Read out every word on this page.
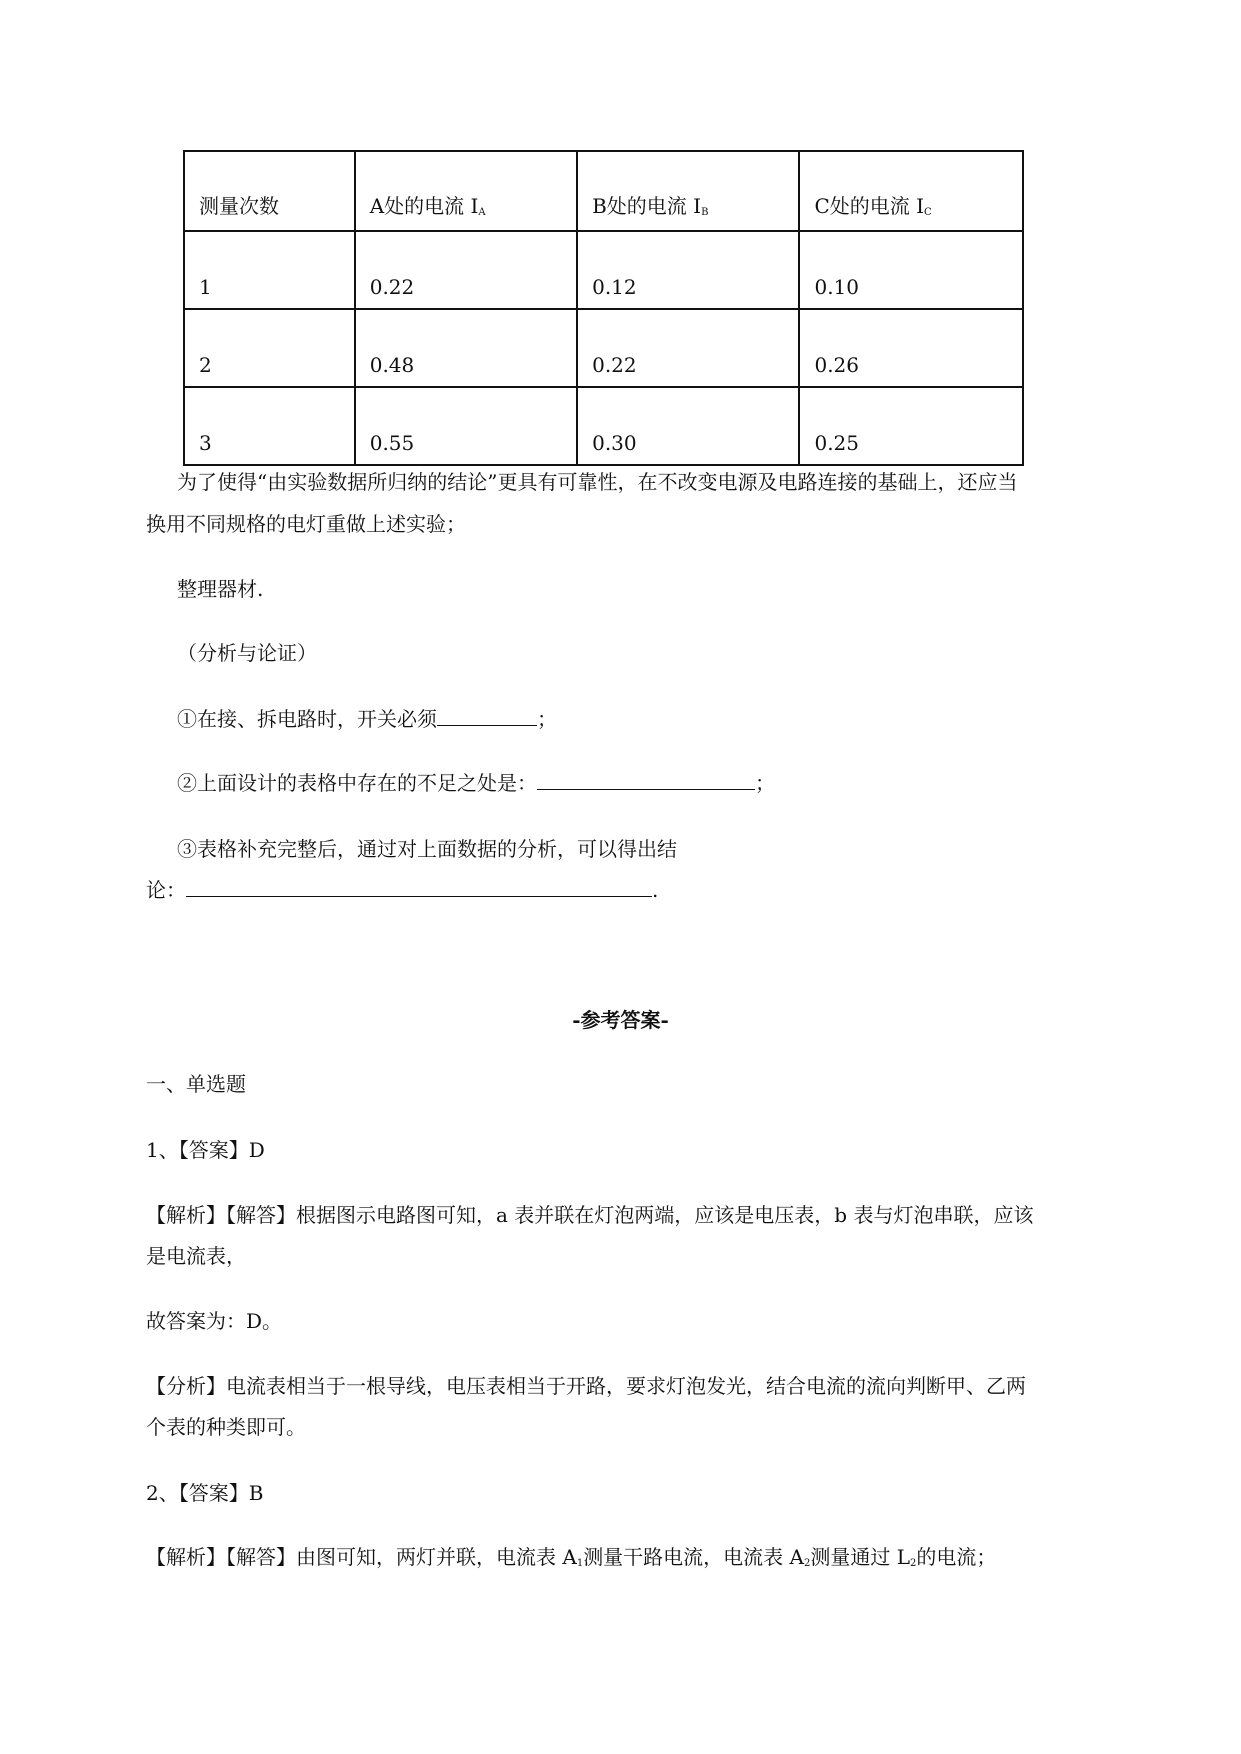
测量次数	A处的电流 $I_A$	B处的电流 $I_B$	C处的电流 $I_C$
1	0.22	0.12	0.10
2	0.48	0.22	0.26
3	0.55	0.30	0.25
为了使得“由实验数据所归纳的结论”更具有可靠性，在不改变电源及电路连接的基础上，还应当
换用不同规格的电灯重做上述实验；
整理器材.
（分析与论证）
①在接、拆电路时，开关必须	；
②上面设计的表格中存在的不足之处是：	；
③表格补充完整后，通过对上面数据的分析，可以得出结
论：	.
-参考答案-
一、单选题
1、【答案】D
【解析】【解答】根据图示电路图可知，a 表并联在灯泡两端，应该是电压表，b 表与灯泡串联，应该
是电流表，
故答案为：D。
【分析】电流表相当于一根导线，电压表相当于开路，要求灯泡发光，结合电流的流向判断甲、乙两
个表的种类即可。
2、【答案】B
【解析】【解答】由图可知，两灯并联，电流表 $A_1$测量干路电流，电流表 $A_2$测量通过 $L_2$的电流；
